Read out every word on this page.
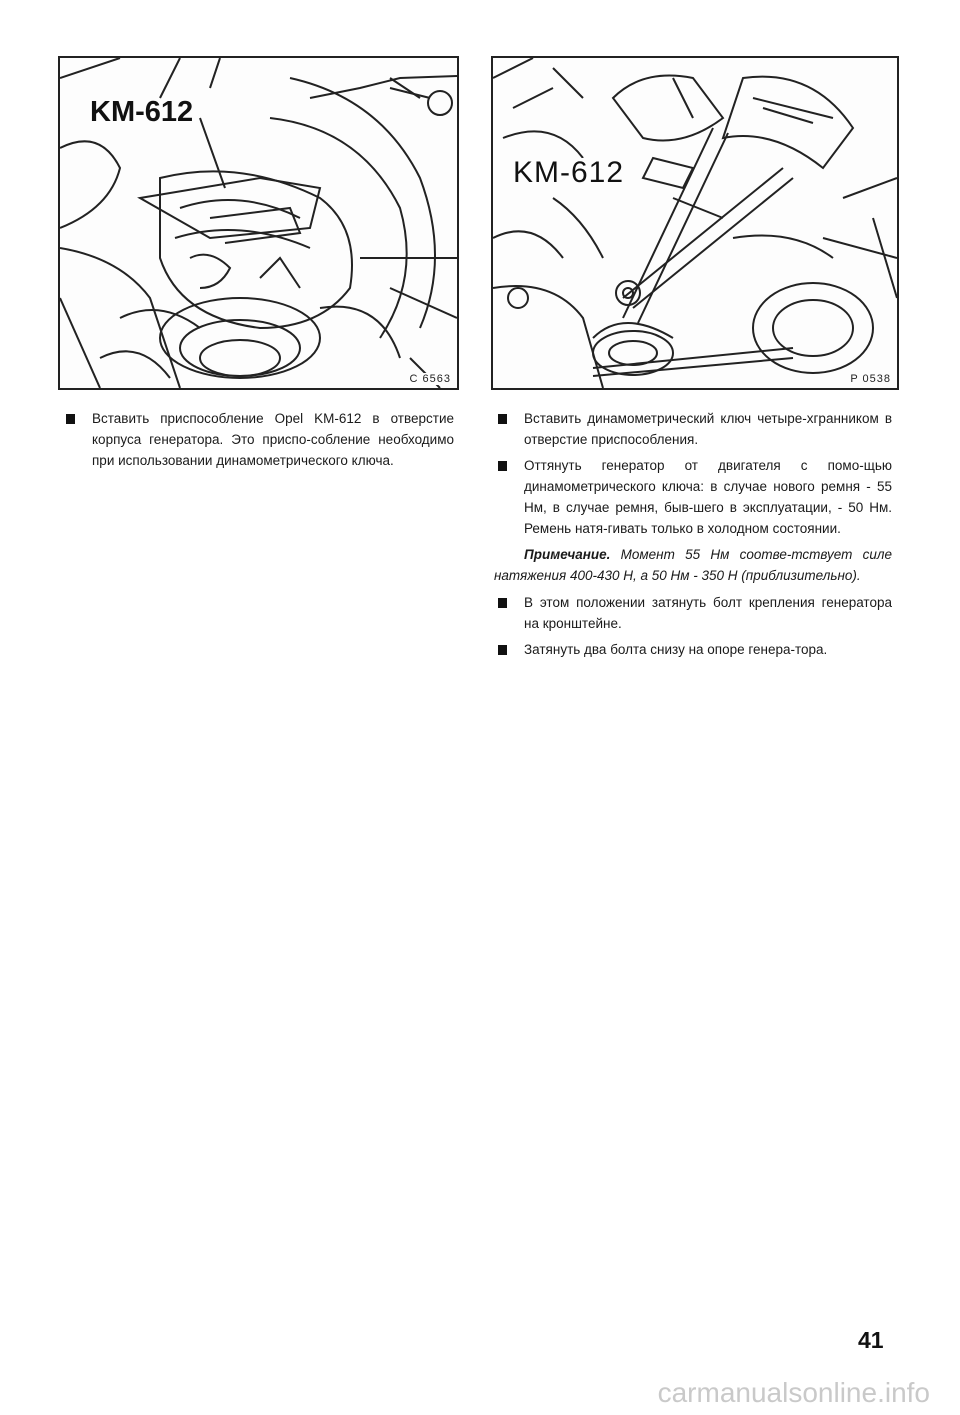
KM-612
C 6563
KM-612
P 0538
Вставить приспособление Opel KM-612 в отверстие корпуса генератора. Это приспо-собление необходимо при использовании динамометрического ключа.
Вставить динамометрический ключ четыре-хгранником в отверстие приспособления.
Оттянуть генератор от двигателя с помо-щью динамометрического ключа: в случае нового ремня - 55 Нм, в случае ремня, быв-шего в эксплуатации, - 50 Нм. Ремень натя-гивать только в холодном состоянии.
Примечание. Момент 55 Нм соотве-тствует силе натяжения 400-430 Н, а 50 Нм - 350 Н (приблизительно).
В этом положении затянуть болт крепления генератора на кронштейне.
Затянуть два болта снизу на опоре генера-тора.
41
carmanualsonline.info
